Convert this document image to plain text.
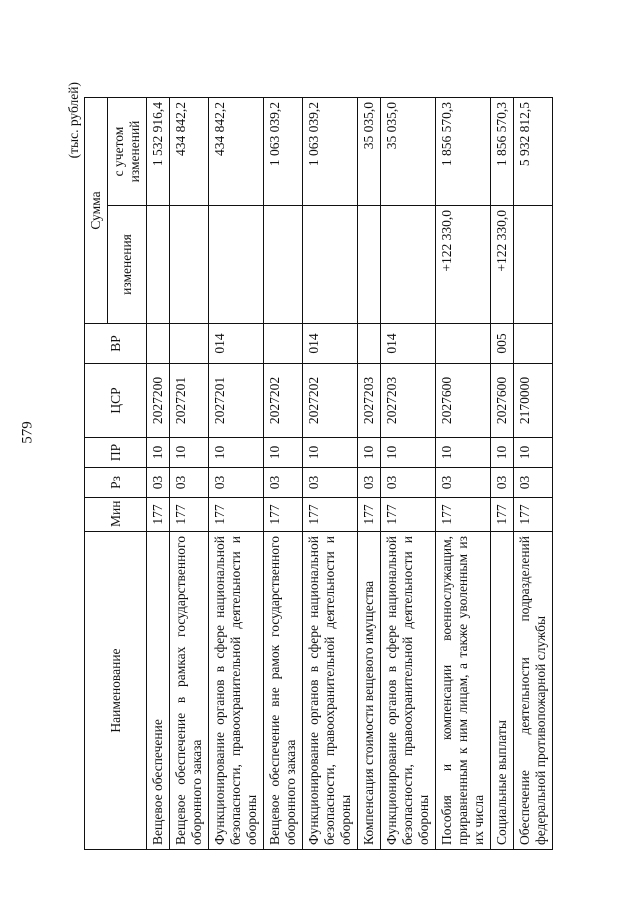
579
(тыс. рублей)
Наименование	Мин	Рз	ПР	ЦСР	ВР	Сумма	
						изменения	с учетом изменений
Вещевое обеспечение	177	03	10	2027200			1 532 916,4
Вещевое обеспечение в рамках государственного оборонного заказа	177	03	10	2027201			434 842,2
Функционирование органов в сфере национальной безопасности, правоохранительной деятельности и обороны	177	03	10	2027201	014		434 842,2
Вещевое обеспечение вне рамок государственного оборонного заказа	177	03	10	2027202			1 063 039,2
Функционирование органов в сфере национальной безопасности, правоохранительной деятельности и обороны	177	03	10	2027202	014		1 063 039,2
Компенсация стоимости вещевого имущества	177	03	10	2027203			35 035,0
Функционирование органов в сфере национальной безопасности, правоохранительной деятельности и обороны	177	03	10	2027203	014		35 035,0
Пособия и компенсации военнослужащим, приравненным к ним лицам, а также уволенным из их числа	177	03	10	2027600		+122 330,0	1 856 570,3
Социальные выплаты	177	03	10	2027600	005	+122 330,0	1 856 570,3
Обеспечение деятельности подразделений федеральной противопожарной службы	177	03	10	2170000			5 932 812,5
